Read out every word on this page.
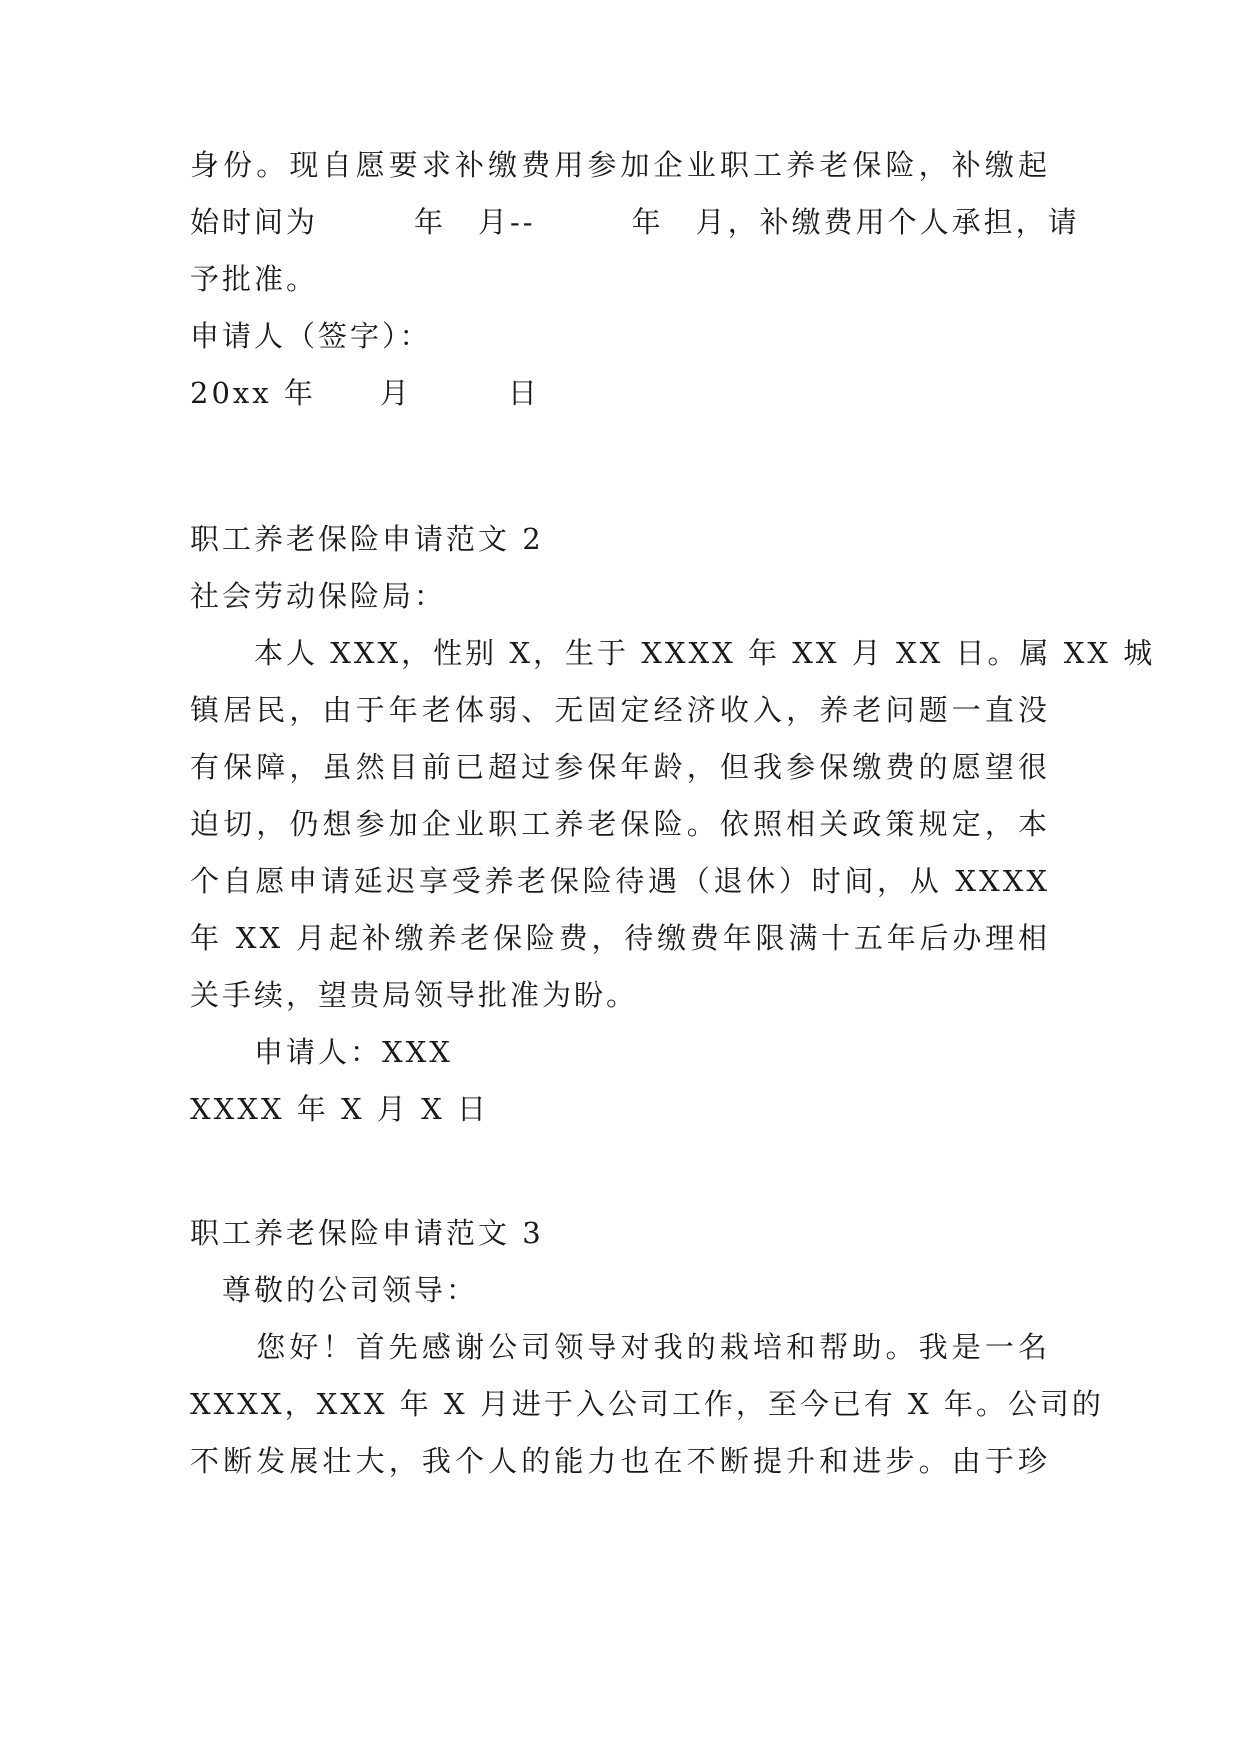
身份。现自愿要求补缴费用参加企业职工养老保险，补缴起
始时间为　　　年　月--　　　年　月，补缴费用个人承担，请
予批准。
申请人（签字）：
20xx 年　　月　　　日
职工养老保险申请范文 2
社会劳动保险局：
　　本人 XXX，性别 X，生于 XXXX 年 XX 月 XX 日。属 XX 城
镇居民，由于年老体弱、无固定经济收入，养老问题一直没
有保障，虽然目前已超过参保年龄，但我参保缴费的愿望很
迫切，仍想参加企业职工养老保险。依照相关政策规定，本
个自愿申请延迟享受养老保险待遇（退休）时间，从 XXXX
年 XX 月起补缴养老保险费，待缴费年限满十五年后办理相
关手续，望贵局领导批准为盼。
　　申请人：XXX
XXXX 年 X 月 X 日
职工养老保险申请范文 3
　尊敬的公司领导：
　　您好！首先感谢公司领导对我的栽培和帮助。我是一名
XXXX，XXX 年 X 月进于入公司工作，至今已有 X 年。公司的
不断发展壮大，我个人的能力也在不断提升和进步。由于珍
